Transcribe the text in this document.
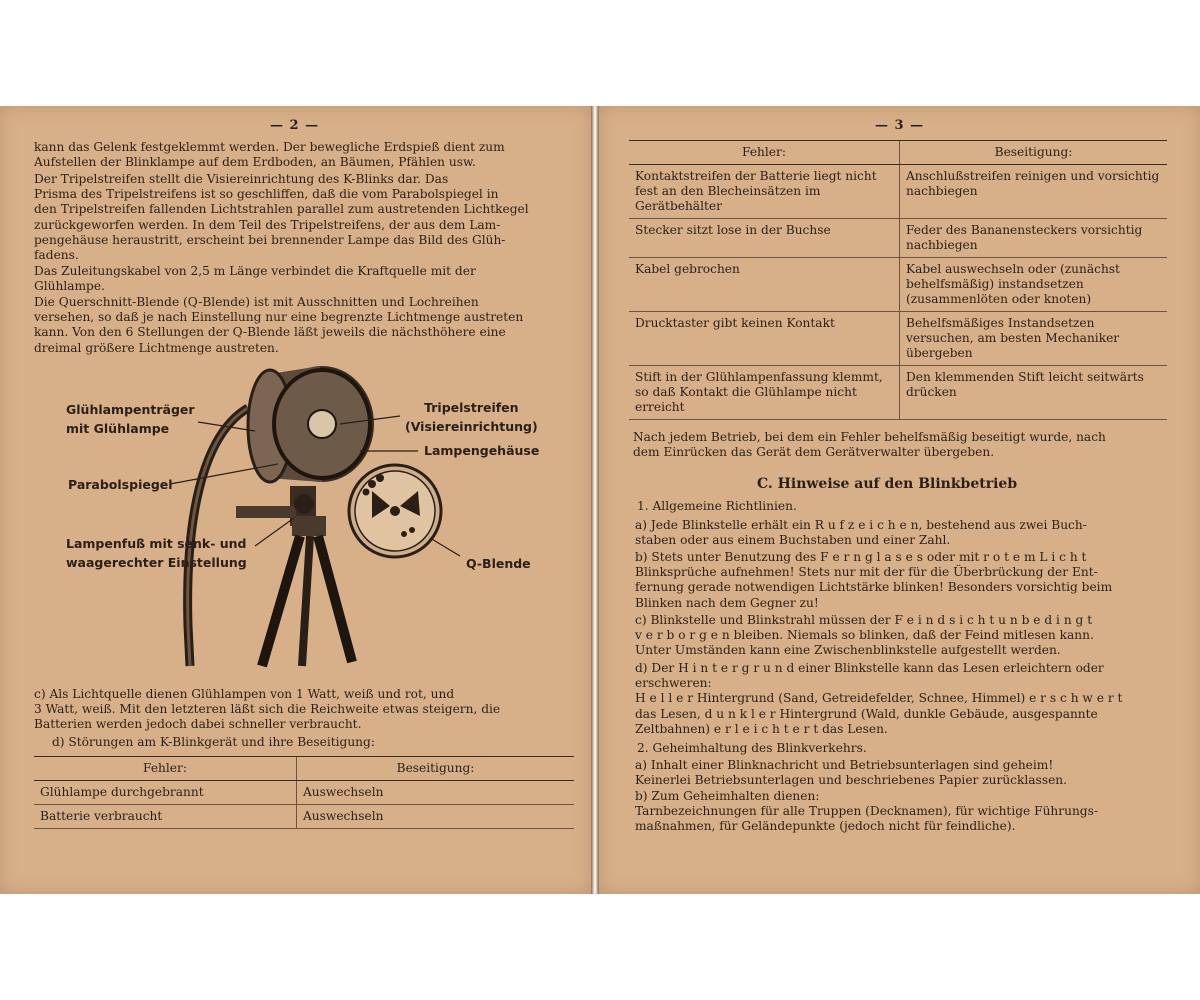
— 2 —
kann das Gelenk festgeklemmt werden. Der bewegliche Erdspieß dient zum
Aufstellen der Blinklampe auf dem Erdboden, an Bäumen, Pfählen usw.
Der Tripelstreifen stellt die Visiereinrichtung des K-Blinks dar. Das
Prisma des Tripelstreifens ist so geschliffen, daß die vom Parabolspiegel in
den Tripelstreifen fallenden Lichtstrahlen parallel zum austretenden Lichtkegel
zurückgeworfen werden. In dem Teil des Tripelstreifens, der aus dem Lam-
pengehäuse heraustritt, erscheint bei brennender Lampe das Bild des Glüh-
fadens.
Das Zuleitungskabel von 2,5 m Länge verbindet die Kraftquelle mit der
Glühlampe.
Die Querschnitt-Blende (Q-Blende) ist mit Ausschnitten und Lochreihen
versehen, so daß je nach Einstellung nur eine begrenzte Lichtmenge austreten
kann. Von den 6 Stellungen der Q-Blende läßt jeweils die nächsthöhere eine
dreimal größere Lichtmenge austreten.
Glühlampenträger
mit Glühlampe
Tripelstreifen
(Visiereinrichtung)
Lampengehäuse
Parabolspiegel
Lampenfuß mit senk- und
waagerechter Einstellung	Q-Blende
c) Als Lichtquelle dienen Glühlampen von 1 Watt, weiß und rot, und
3 Watt, weiß. Mit den letzteren läßt sich die Reichweite etwas steigern, die
Batterien werden jedoch dabei schneller verbraucht.
d) Störungen am K-Blinkgerät und ihre Beseitigung:
Fehler:	Beseitigung:
Glühlampe durchgebrannt	Auswechseln
Batterie verbraucht	Auswechseln
— 3 —
Fehler:	Beseitigung:
Kontaktstreifen der Batterie liegt nicht fest an den Blecheinsätzen im Gerätbehälter	Anschlußstreifen reinigen und vorsichtig nachbiegen
Stecker sitzt lose in der Buchse	Feder des Bananensteckers vorsichtig nachbiegen
Kabel gebrochen	Kabel auswechseln oder (zunächst behelfsmäßig) instandsetzen (zusammenlöten oder knoten)
Drucktaster gibt keinen Kontakt	Behelfsmäßiges Instandsetzen versuchen, am besten Mechaniker übergeben
Stift in der Glühlampenfassung klemmt, so daß Kontakt die Glühlampe nicht erreicht	Den klemmenden Stift leicht seitwärts drücken
Nach jedem Betrieb, bei dem ein Fehler behelfsmäßig beseitigt wurde, nach
dem Einrücken das Gerät dem Gerätverwalter übergeben.
C. Hinweise auf den Blinkbetrieb
1. Allgemeine Richtlinien.
a) Jede Blinkstelle erhält ein R u f z e i c h e n, bestehend aus zwei Buch-
staben oder aus einem Buchstaben und einer Zahl.
b) Stets unter Benutzung des F e r n g l a s e s oder mit r o t e m L i c h t
Blinksprüche aufnehmen! Stets nur mit der für die Überbrückung der Ent-
fernung gerade notwendigen Lichtstärke blinken! Besonders vorsichtig beim
Blinken nach dem Gegner zu!
c) Blinkstelle und Blinkstrahl müssen der F e i n d s i c h t u n b e d i n g t
v e r b o r g e n bleiben. Niemals so blinken, daß der Feind mitlesen kann.
Unter Umständen kann eine Zwischenblinkstelle aufgestellt werden.
d) Der H i n t e r g r u n d einer Blinkstelle kann das Lesen erleichtern oder
erschweren:
H e l l e r Hintergrund (Sand, Getreidefelder, Schnee, Himmel) e r s c h w e r t
das Lesen, d u n k l e r Hintergrund (Wald, dunkle Gebäude, ausgespannte
Zeltbahnen) e r l e i c h t e r t das Lesen.
2. Geheimhaltung des Blinkverkehrs.
a) Inhalt einer Blinknachricht und Betriebsunterlagen sind geheim!
Keinerlei Betriebsunterlagen und beschriebenes Papier zurücklassen.
b) Zum Geheimhalten dienen:
Tarnbezeichnungen für alle Truppen (Decknamen), für wichtige Führungs-
maßnahmen, für Geländepunkte (jedoch nicht für feindliche).
